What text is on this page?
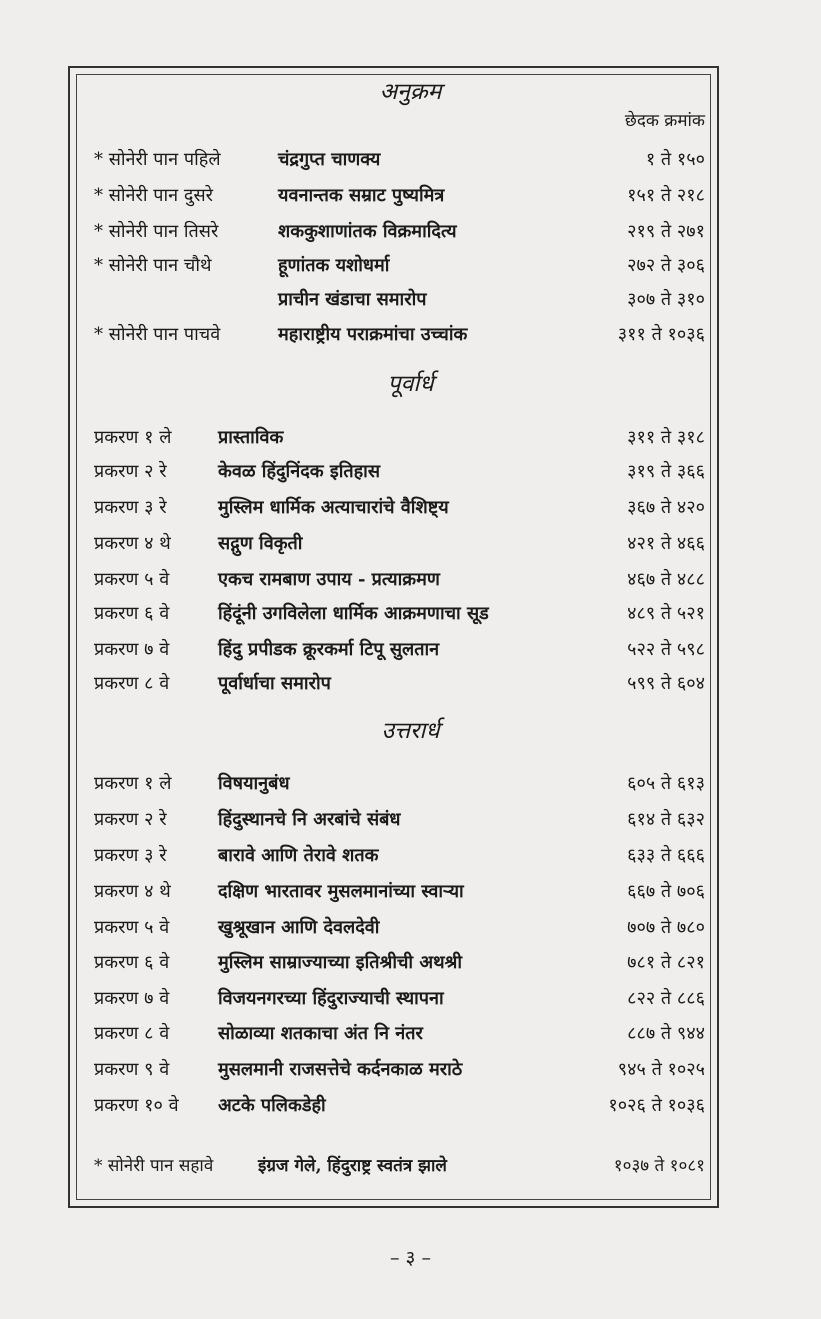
अनुक्रम
छेदक क्रमांक
* सोनेरी पान पहिले	चंद्रगुप्त चाणक्य	१ ते १५०
* सोनेरी पान दुसरे	यवनान्तक सम्राट पुष्यमित्र	१५१ ते २१८
* सोनेरी पान तिसरे	शककुशाणांतक विक्रमादित्य	२१९ ते २७१
* सोनेरी पान चौथे	हूणांतक यशोधर्मा	२७२ ते ३०६
प्राचीन खंडाचा समारोप	३०७ ते ३१०
* सोनेरी पान पाचवे	महाराष्ट्रीय पराक्रमांचा उच्चांक	३११ ते १०३६
पूर्वार्ध
प्रकरण १ ले	प्रास्ताविक	३११ ते ३१८
प्रकरण २ रे	केवळ हिंदुनिंदक इतिहास	३१९ ते ३६६
प्रकरण ३ रे	मुस्लिम धार्मिक अत्याचारांचे वैशिष्ट्य	३६७ ते ४२०
प्रकरण ४ थे	सद्गुण विकृती	४२१ ते ४६६
प्रकरण ५ वे	एकच रामबाण उपाय - प्रत्याक्रमण	४६७ ते ४८८
प्रकरण ६ वे	हिंदूंनी उगविलेला धार्मिक आक्रमणाचा सूड	४८९ ते ५२१
प्रकरण ७ वे	हिंदु प्रपीडक क्रूरकर्मा टिपू सुलतान	५२२ ते ५९८
प्रकरण ८ वे	पूर्वार्धाचा समारोप	५९९ ते ६०४
उत्तरार्ध
प्रकरण १ ले	विषयानुबंध	६०५ ते ६१३
प्रकरण २ रे	हिंदुस्थानचे नि अरबांचे संबंध	६१४ ते ६३२
प्रकरण ३ रे	बारावे आणि तेरावे शतक	६३३ ते ६६६
प्रकरण ४ थे	दक्षिण भारतावर मुसलमानांच्या स्वाऱ्या	६६७ ते ७०६
प्रकरण ५ वे	खुश्रूखान आणि देवलदेवी	७०७ ते ७८०
प्रकरण ६ वे	मुस्लिम साम्राज्याच्या इतिश्रीची अथश्री	७८१ ते ८२१
प्रकरण ७ वे	विजयनगरच्या हिंदुराज्याची स्थापना	८२२ ते ८८६
प्रकरण ८ वे	सोळाव्या शतकाचा अंत नि नंतर	८८७ ते ९४४
प्रकरण ९ वे	मुसलमानी राजसत्तेचे कर्दनकाळ मराठे	९४५ ते १०२५
प्रकरण १० वे अटके पलिकडेही	१०२६ ते १०३६
* सोनेरी पान सहावे	इंग्रज गेले, हिंदुराष्ट्र स्वतंत्र झाले	१०३७ ते १०८१
– ३ –
